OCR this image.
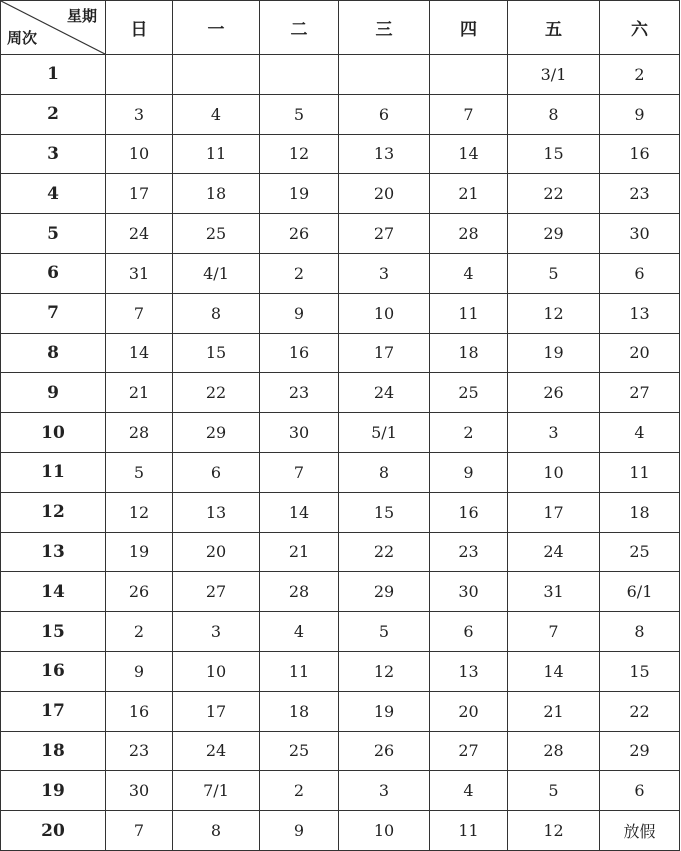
星期
周次	日	一	二	三	四	五	六
1						3/1	2
2	3	4	5	6	7	8	9
3	10	11	12	13	14	15	16
4	17	18	19	20	21	22	23
5	24	25	26	27	28	29	30
6	31	4/1	2	3	4	5	6
7	7	8	9	10	11	12	13
8	14	15	16	17	18	19	20
9	21	22	23	24	25	26	27
10	28	29	30	5/1	2	3	4
11	5	6	7	8	9	10	11
12	12	13	14	15	16	17	18
13	19	20	21	22	23	24	25
14	26	27	28	29	30	31	6/1
15	2	3	4	5	6	7	8
16	9	10	11	12	13	14	15
17	16	17	18	19	20	21	22
18	23	24	25	26	27	28	29
19	30	7/1	2	3	4	5	6
20	7	8	9	10	11	12	放假
